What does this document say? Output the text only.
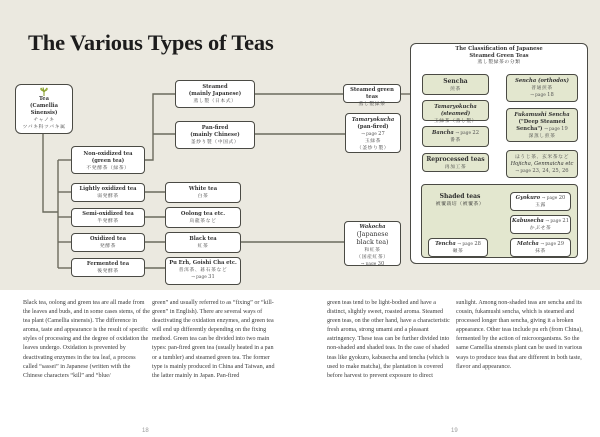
The Various Types of Teas
Tea
(Camellia
Sinensis)
チャノキ
ツバキ科ツバキ属
Non-oxidized tea
(green tea)
不発酵茶（緑茶）
Lightly oxidized tea
弱発酵茶
Semi-oxidized tea
半発酵茶
Oxidized tea
発酵茶
Fermented tea
後発酵茶
Steamed
(mainly Japanese)
蒸し製（日本式）
Pan-fired
(mainly Chinese)
釜炒り製（中国式）
White tea
白茶
Oolong tea etc.
烏龍茶など
Black tea
紅茶
Pu Erh, Goishi Cha etc.
普洱茶、碁石茶など
→ page 31
Steamed green teas
蒸し製緑茶
Tamaryokucha
(pan-fired)
→ page 27
玉緑茶
（釜炒り製）
Wakocha
(Japanese
black tea)
和紅茶
（国産紅茶）
→ page 30
The Classification of Japanese
Steamed Green Teas
蒸し製緑茶の分類
Sencha
煎茶
Tamaryokucha (steamed)
玉緑茶（蒸し製）
Bancha → page 22
番茶
Reprocessed teas
再加工茶
Sencha (orthodox)
普通煎茶
→ page 18
Fukamushi Sencha
("Deep Steamed
Sencha") → page 19
深蒸し煎茶
ほうじ茶、玄米茶など
Hojicha, Genmaicha etc
→ page 23, 24, 25, 26
Shaded teas
被覆栽培（被覆茶）
Gyokuro → page 20
玉露
Kabusecha → page 21
かぶせ茶
Tencha → page 28
碾茶
Matcha → page 29
抹茶

Black tea, oolong and green tea are all made from the leaves and buds, and in some cases stems, of the tea plant (Camellia sinensis). The difference in aroma, taste and appearance is the result of specific styles of processing and the degree of oxidation the leaves undergo. Oxidation is prevented by deactivating enzymes in the tea leaf, a process called “sassei” in Japanese (written with the Chinese characters “kill” and “blue/

green” and usually referred to as “fixing” or “kill-green” in English). There are several ways of deactivating the oxidation enzymes, and green tea will end up differently depending on the fixing method. Green tea can be divided into two main types: pan-fired green tea (usually heated in a pan or a tumbler) and steamed green tea. The former type is mainly produced in China and Taiwan, and the latter mainly in Japan. Pan-fired

green teas tend to be light-bodied and have a distinct, slightly sweet, roasted aroma. Steamed green teas, on the other hand, have a characteristic fresh aroma, strong umami and a pleasant astringency. These teas can be further divided into non-shaded and shaded teas. In the case of shaded teas like gyokuro, kabusecha and tencha (which is used to make matcha), the plantation is covered before harvest to prevent exposure to direct

sunlight. Among non-shaded teas are sencha and its cousin, fukamushi sencha, which is steamed and processed longer than sencha, giving it a broken appearance. Other teas include pu erh (from China), fermented by the action of microorganisms. So the same Camellia sinensis plant can be used in various ways to produce teas that are different in both taste, flavor and appearance.

18	19
